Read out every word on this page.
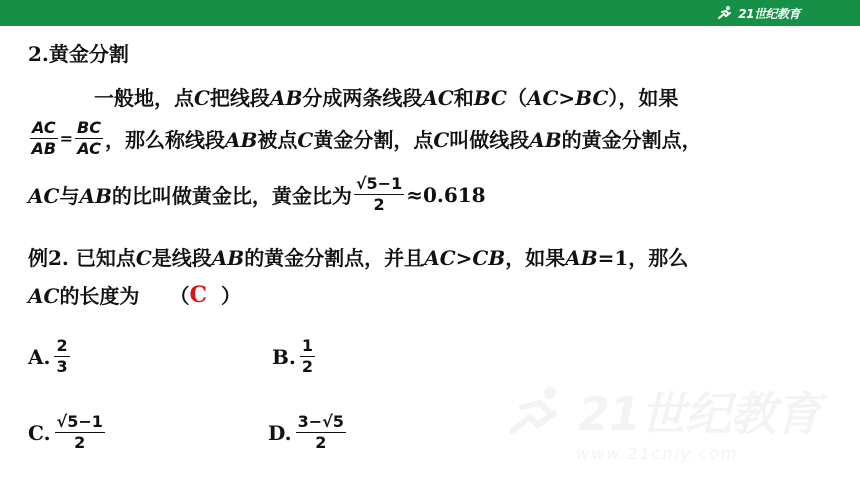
21世纪教育
2.黄金分割
一般地，点C把线段AB分成两条线段AC和BC（AC>BC），如果
$\frac{AC}{AB} = \frac{BC}{AC}$ ，那么称线段AB被点C黄金分割，点C叫做线段AB的黄金分割点，
AC与AB的比叫做黄金比，黄金比为 $\frac{√5-1}{2} \approx 0.618$
例2. 已知点C是线段AB的黄金分割点，并且AC>CB，如果AB=1，那么
AC的长度为 （ C ）
A. $\frac{2}{3}$	B. $\frac{1}{2}$
C. $\frac{√5-1}{2}$	D. $\frac{3-√5}{2}$	21世纪教育
www.21cnjy.com
